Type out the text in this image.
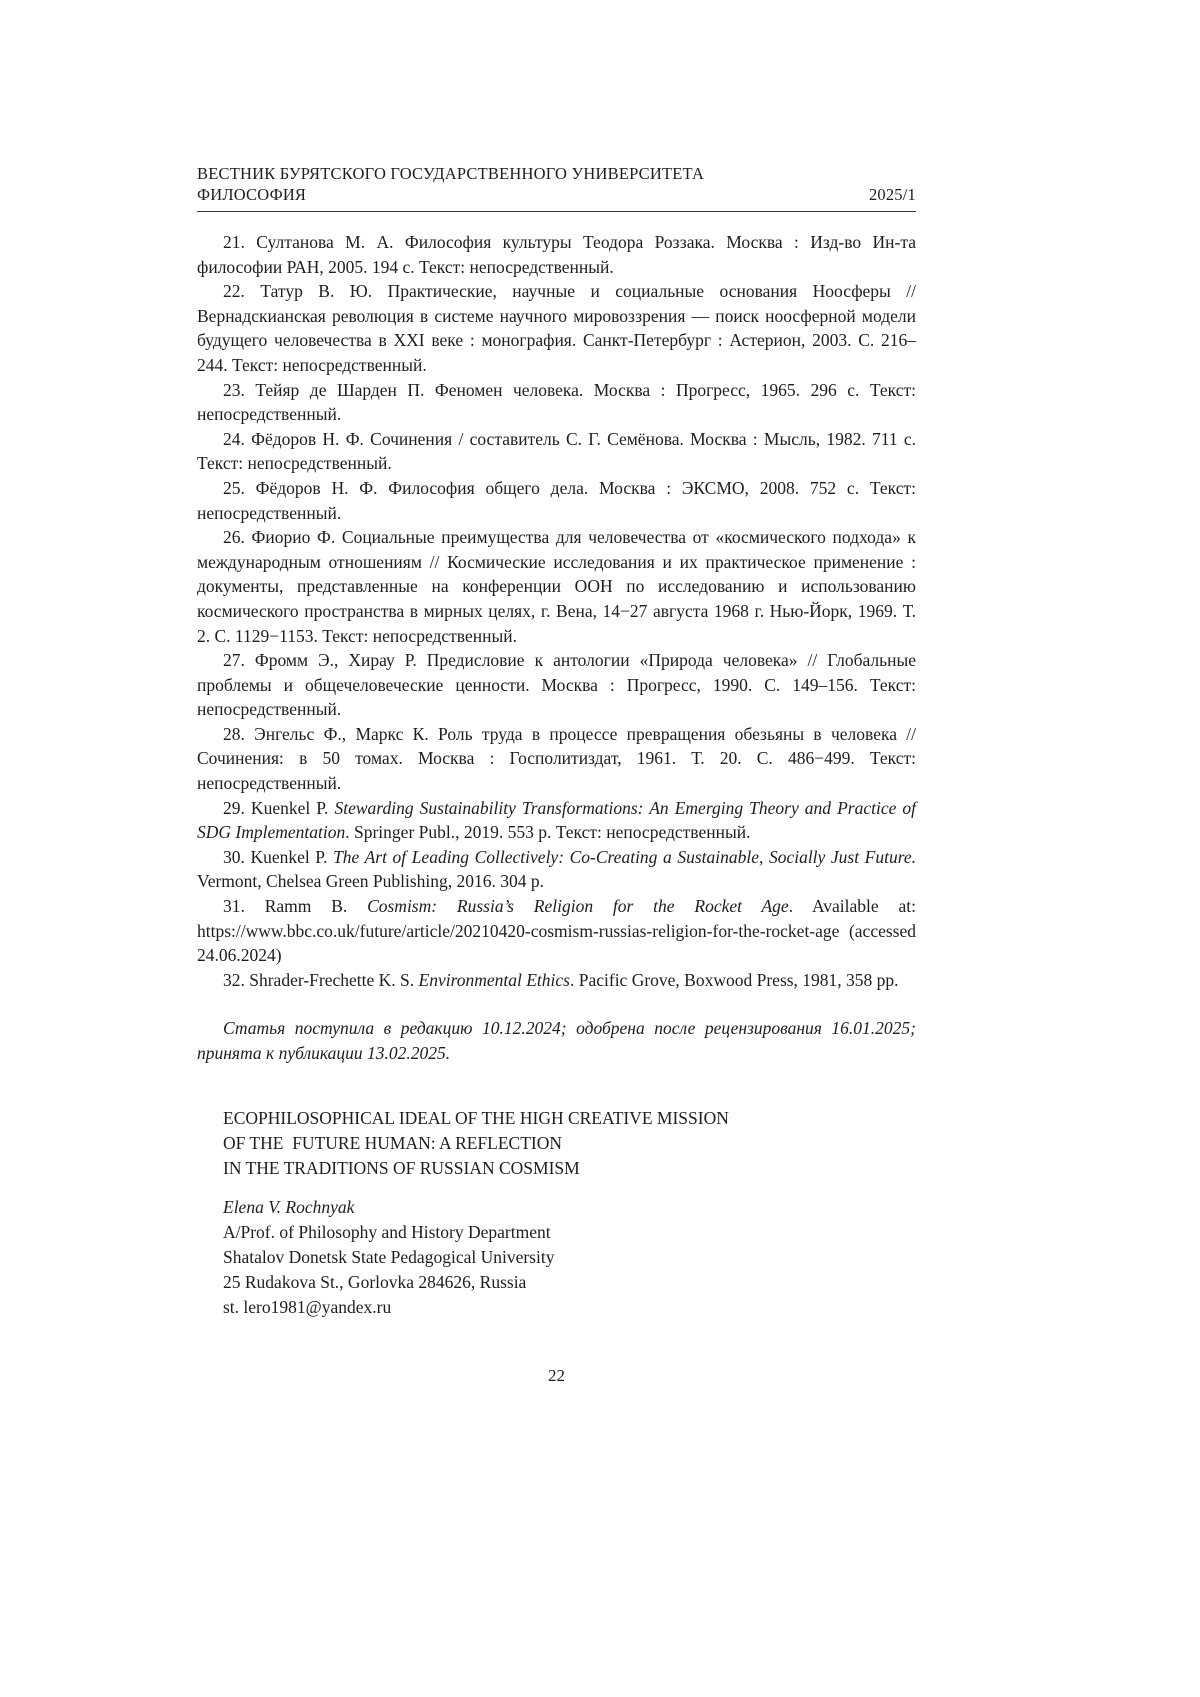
ВЕСТНИК БУРЯТСКОГО ГОСУДАРСТВЕННОГО УНИВЕРСИТЕТА
ФИЛОСОФИЯ	2025/1

21. Султанова М. А. Философия культуры Теодора Роззака. Москва : Изд-во Ин-та философии РАН, 2005. 194 с. Текст: непосредственный.

22. Татур В. Ю. Практические, научные и социальные основания Ноосферы // Вернадскианская революция в системе научного мировоззрения — поиск ноосферной модели будущего человечества в XXI веке : монография. Санкт-Петербург : Астерион, 2003. С. 216–244. Текст: непосредственный.

23. Тейяр де Шарден П. Феномен человека. Москва : Прогресс, 1965. 296 с. Текст: непосредственный.

24. Фёдоров Н. Ф. Сочинения / составитель С. Г. Семёнова. Москва : Мысль, 1982. 711 с. Текст: непосредственный.

25. Фёдоров Н. Ф. Философия общего дела. Москва : ЭКСМО, 2008. 752 с. Текст: непосредственный.

26. Фиорио Ф. Социальные преимущества для человечества от «космического подхода» к международным отношениям // Космические исследования и их практическое применение : документы, представленные на конференции ООН по исследованию и использованию космического пространства в мирных целях, г. Вена, 14−27 августа 1968 г. Нью-Йорк, 1969. Т. 2. С. 1129−1153. Текст: непосредственный.

27. Фромм Э., Хирау Р. Предисловие к антологии «Природа человека» // Глобальные проблемы и общечеловеческие ценности. Москва : Прогресс, 1990. С. 149–156. Текст: непосредственный.

28. Энгельс Ф., Маркс К. Роль труда в процессе превращения обезьяны в человека // Сочинения: в 50 томах. Москва : Госполитиздат, 1961. Т. 20. С. 486−499. Текст: непосредственный.

29. Kuenkel P. Stewarding Sustainability Transformations: An Emerging Theory and Practice of SDG Implementation. Springer Publ., 2019. 553 p. Текст: непосредственный.

30. Kuenkel P. The Art of Leading Collectively: Co-Creating a Sustainable, Socially Just Future. Vermont, Chelsea Green Publishing, 2016. 304 p.

31. Ramm B. Cosmism: Russia’s Religion for the Rocket Age. Available at: https://www.bbc.co.uk/future/article/20210420-cosmism-russias-religion-for-the-rocket-age (accessed 24.06.2024)

32. Shrader-Frechette K. S. Environmental Ethics. Pacific Grove, Boxwood Press, 1981, 358 pp.

Статья поступила в редакцию 10.12.2024; одобрена после рецензирования 16.01.2025; принята к публикации 13.02.2025.

ECOPHILOSOPHICAL IDEAL OF THE HIGH CREATIVE MISSION
OF THE  FUTURE HUMAN: A REFLECTION
IN THE TRADITIONS OF RUSSIAN COSMISM
Elena V. Rochnyak
A/Prof. of Philosophy and History Department
Shatalov Donetsk State Pedagogical University
25 Rudakova St., Gorlovka 284626, Russia
st. lero1981@yandex.ru
22
